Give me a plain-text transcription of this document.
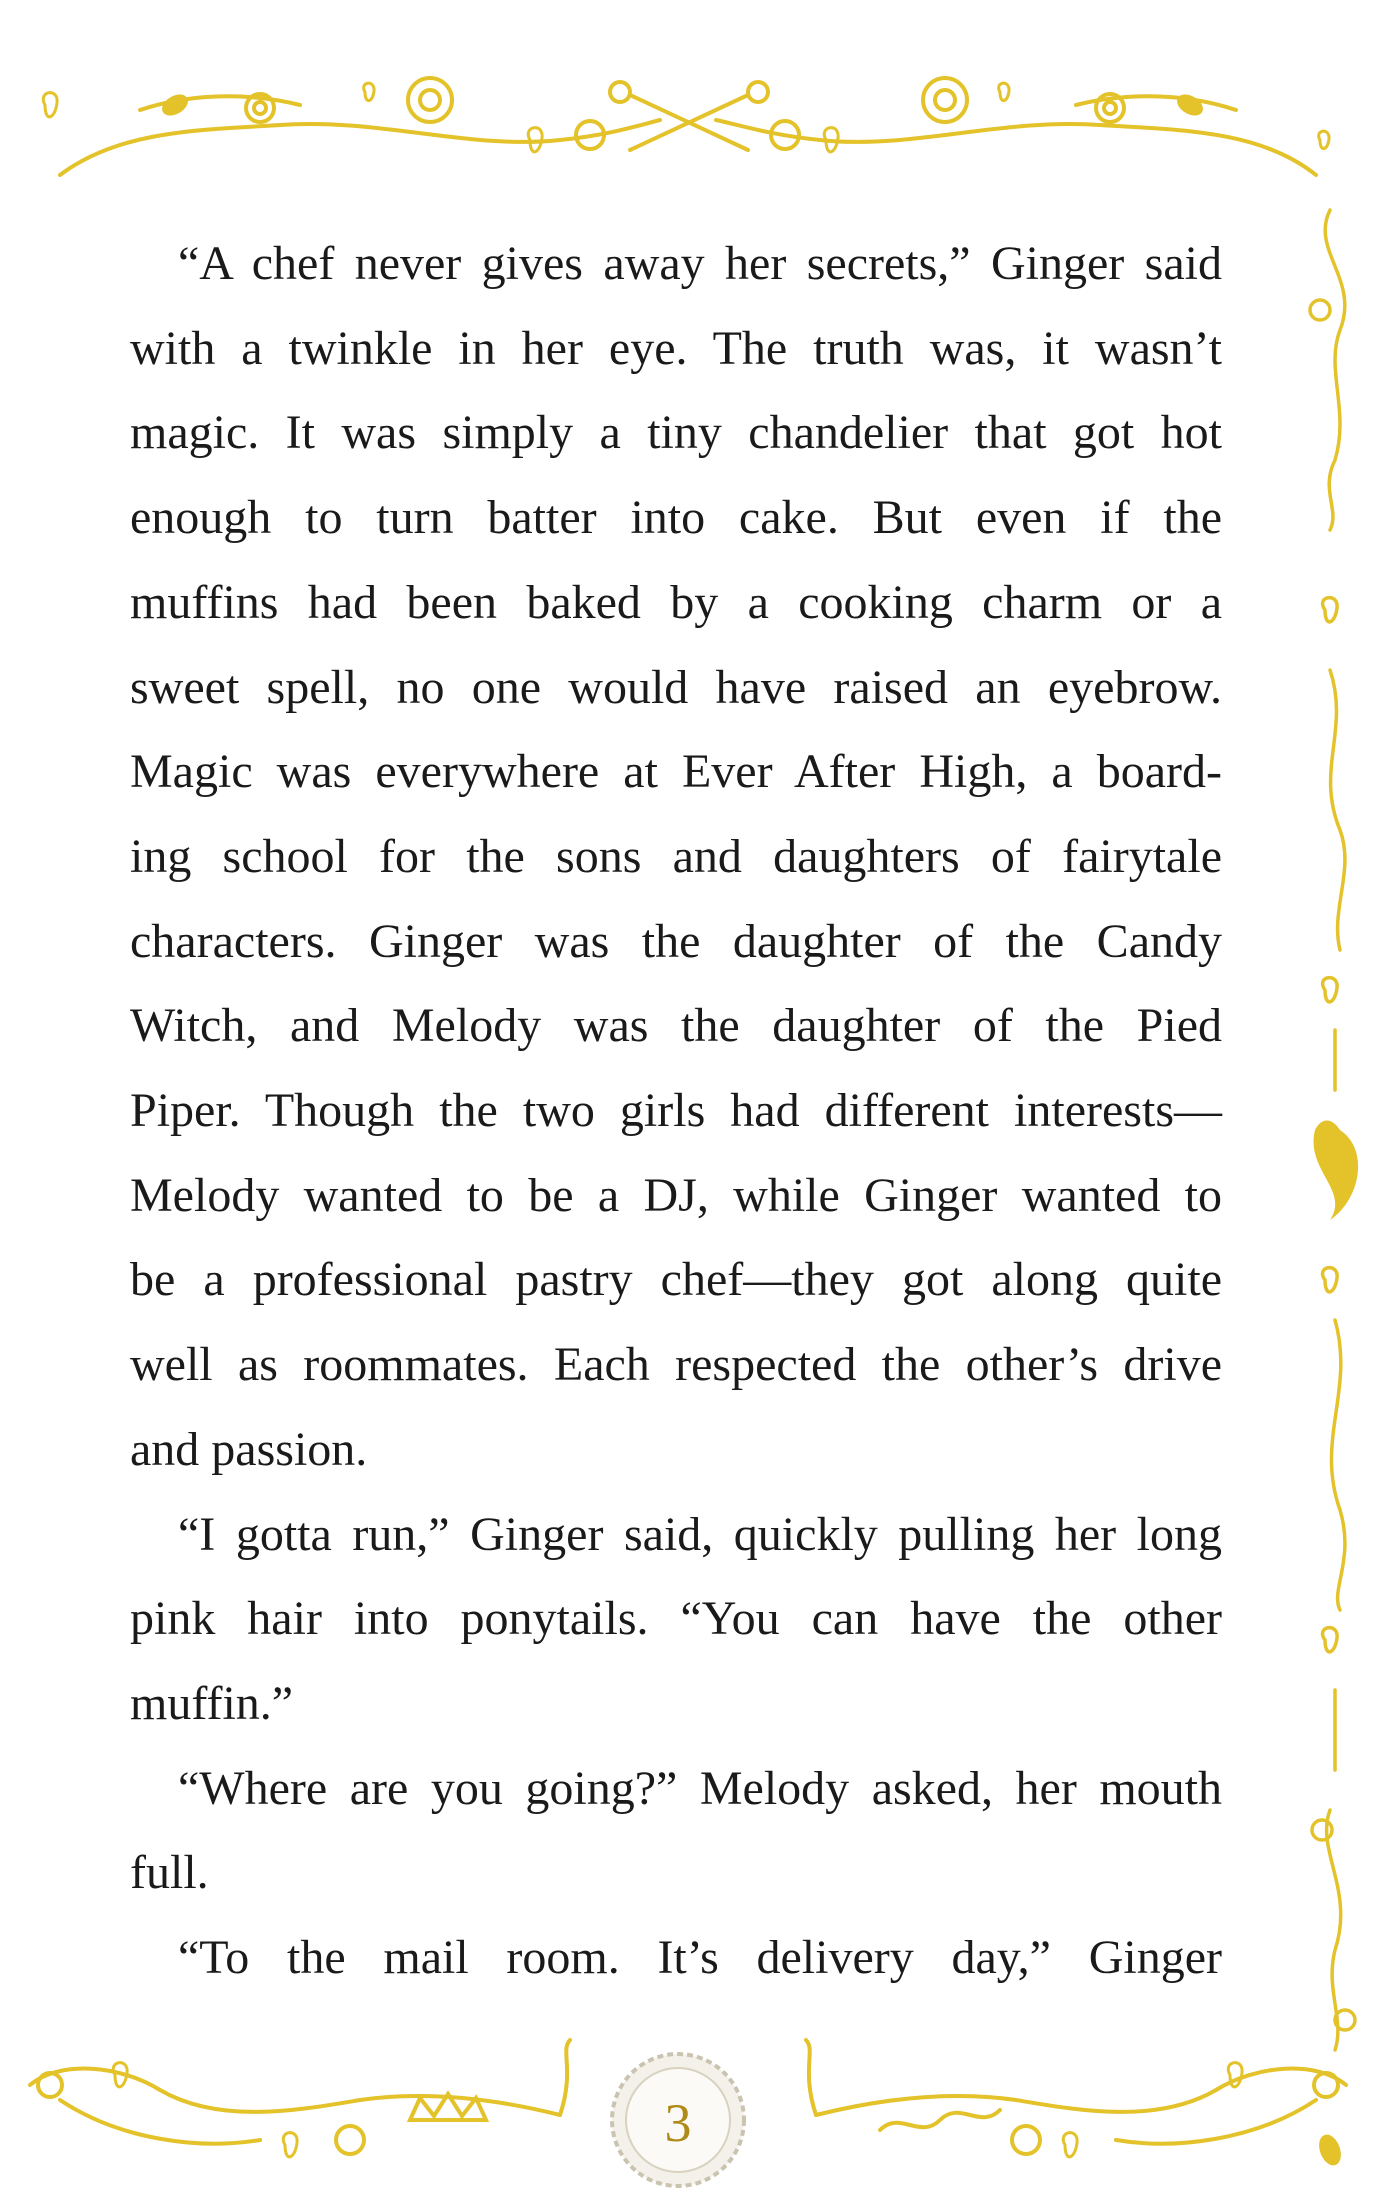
“A chef never gives away her secrets,” Ginger said
with a twinkle in her eye. The truth was, it wasn’t
magic. It was simply a tiny chandelier that got hot
enough to turn batter into cake. But even if the
muffins had been baked by a cooking charm or a
sweet spell, no one would have raised an eyebrow.
Magic was everywhere at Ever After High, a board-
ing school for the sons and daughters of fairytale
characters. Ginger was the daughter of the Candy
Witch, and Melody was the daughter of the Pied
Piper. Though the two girls had different interests—
Melody wanted to be a DJ, while Ginger wanted to
be a professional pastry chef—they got along quite
well as roommates. Each respected the other’s drive
and passion.
“I gotta run,” Ginger said, quickly pulling her long
pink hair into ponytails. “You can have the other
muffin.”
“Where are you going?” Melody asked, her mouth
full.
“To the mail room. It’s delivery day,” Ginger
3
